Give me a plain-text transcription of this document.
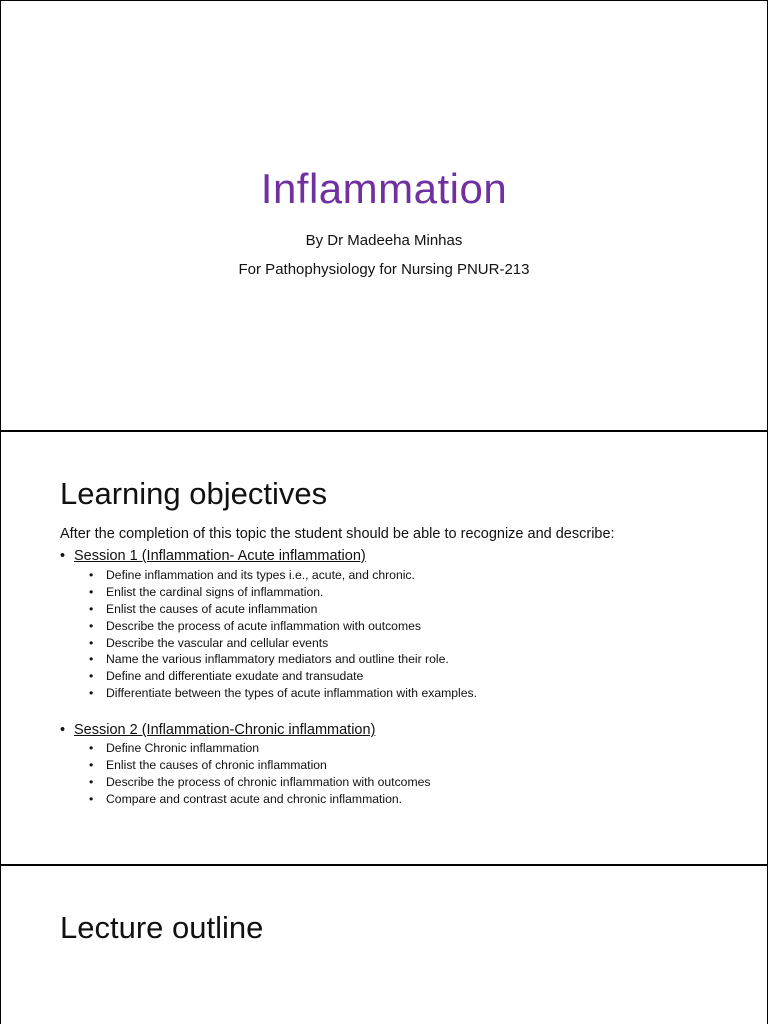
Inflammation

By Dr Madeeha Minhas

For Pathophysiology for Nursing PNUR-213

Learning objectives

After the completion of this topic the student should be able to recognize and describe:

• Session 1 (Inflammation- Acute inflammation)

• Define inflammation and its types i.e., acute, and chronic.
• Enlist the cardinal signs of inflammation.
• Enlist the causes of acute inflammation
• Describe the process of acute inflammation with outcomes
• Describe the vascular and cellular events
• Name the various inflammatory mediators and outline their role.
• Define and differentiate exudate and transudate
• Differentiate between the types of acute inflammation with examples.

• Session 2 (Inflammation-Chronic inflammation)

• Define Chronic inflammation
• Enlist the causes of chronic inflammation
• Describe the process of chronic inflammation with outcomes
• Compare and contrast acute and chronic inflammation.
Lecture outline
